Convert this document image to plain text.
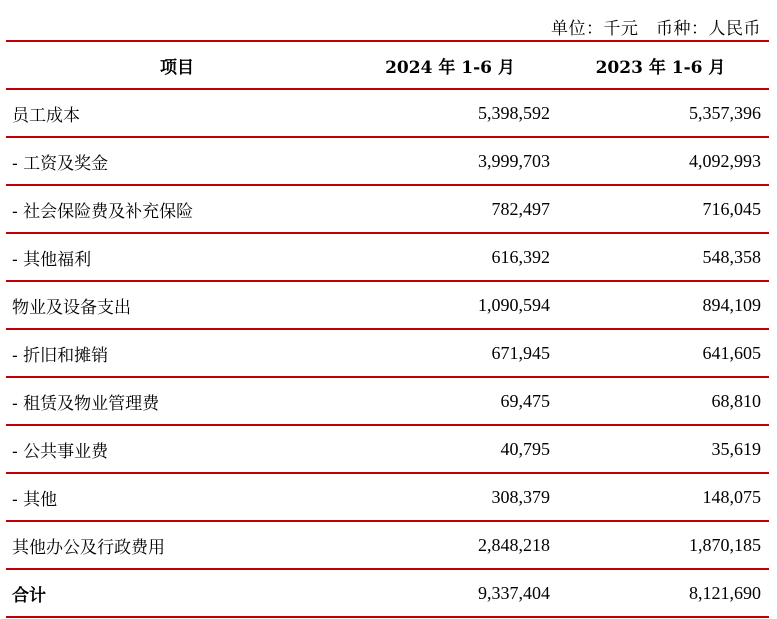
单位：千元　币种：人民币
项目	2024 年 1-6 月	2023 年 1-6 月
员工成本	5,398,592	5,357,396
- 工资及奖金	3,999,703	4,092,993
- 社会保险费及补充保险	782,497	716,045
- 其他福利	616,392	548,358
物业及设备支出	1,090,594	894,109
- 折旧和摊销	671,945	641,605
- 租赁及物业管理费	69,475	68,810
- 公共事业费	40,795	35,619
- 其他	308,379	148,075
其他办公及行政费用	2,848,218	1,870,185
合计	9,337,404	8,121,690
